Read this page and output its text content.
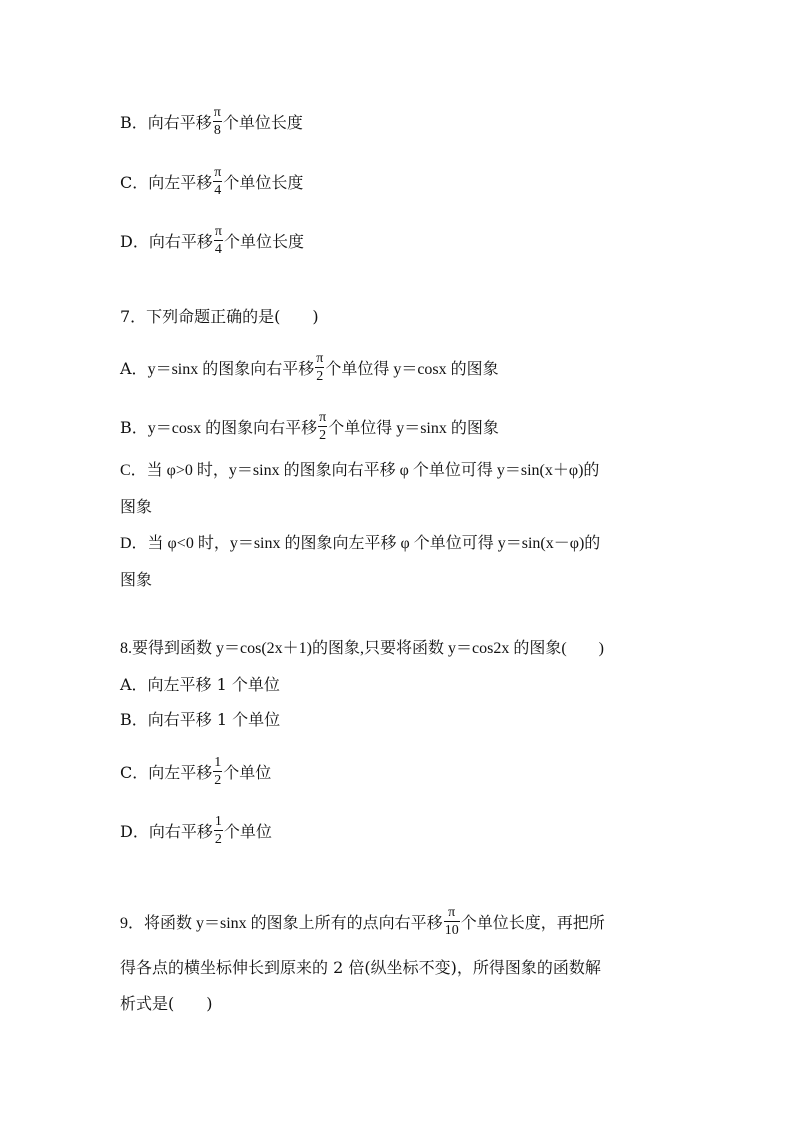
B．向右平移 $\frac{\pi}{8}$ 个单位长度
C．向左平移 $\frac{\pi}{4}$ 个单位长度
D．向右平移 $\frac{\pi}{4}$ 个单位长度
7．下列命题正确的是(　　)
A．y＝sinx 的图象向右平移 $\frac{\pi}{2}$ 个单位得 y＝cosx 的图象
B．y＝cosx 的图象向右平移 $\frac{\pi}{2}$ 个单位得 y＝sinx 的图象
C．当 φ>0 时，y＝sinx 的图象向右平移 φ 个单位可得 y＝sin(x＋φ)的
图象
D．当 φ<0 时，y＝sinx 的图象向左平移 φ 个单位可得 y＝sin(x－φ)的
图象
8.要得到函数 y＝cos(2x＋1)的图象,只要将函数 y＝cos2x 的图象(　　)
A．向左平移 1 个单位
B．向右平移 1 个单位
C．向左平移 $\frac{1}{2}$ 个单位
D．向右平移 $\frac{1}{2}$ 个单位
9．将函数 y＝sinx 的图象上所有的点向右平移 $\frac{\pi}{10}$ 个单位长度，再把所
得各点的横坐标伸长到原来的 2 倍(纵坐标不变)，所得图象的函数解
析式是(　　)
